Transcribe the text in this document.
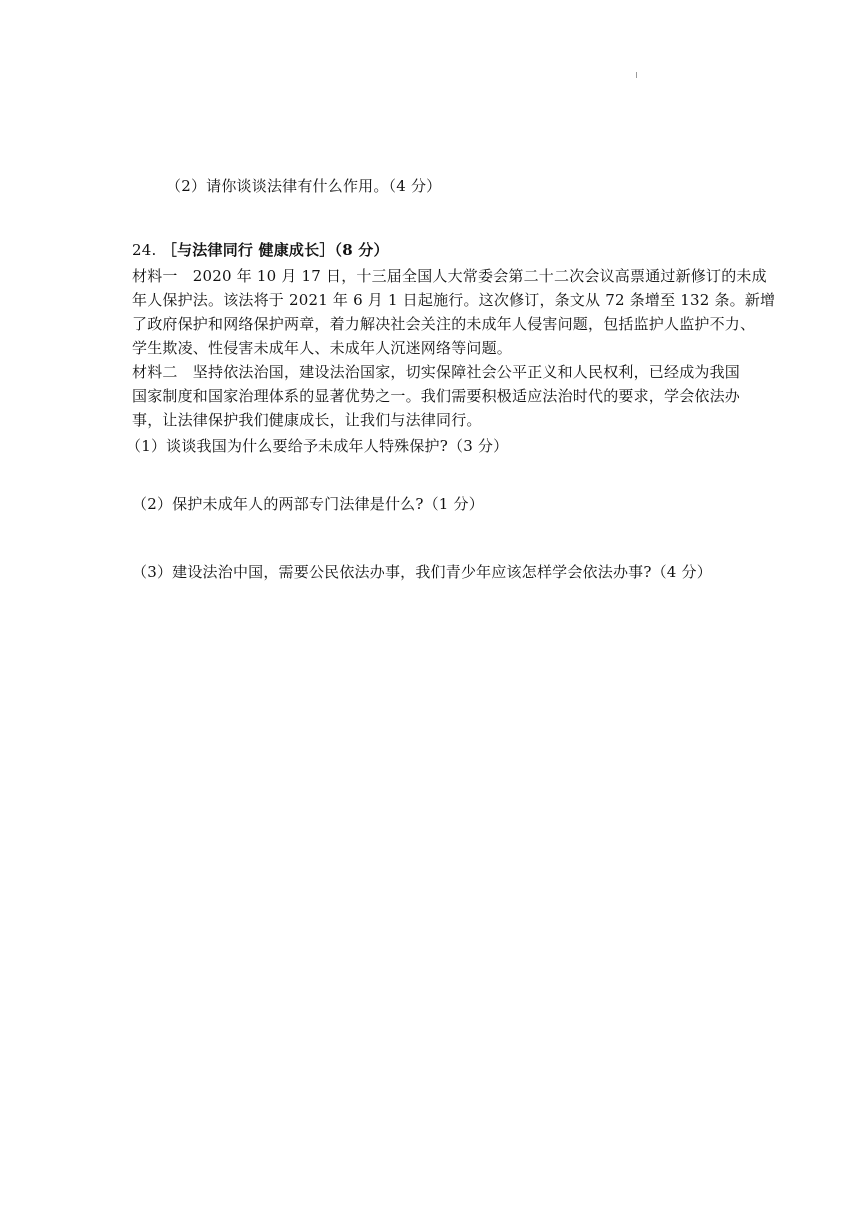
（2）请你谈谈法律有什么作用。（4 分）
24. ［与法律同行 健康成长］（8 分）
材料一　2020 年 10 月 17 日，十三届全国人大常委会第二十二次会议高票通过新修订的未成
年人保护法。该法将于 2021 年 6 月 1 日起施行。这次修订，条文从 72 条增至 132 条。新增
了政府保护和网络保护两章，着力解决社会关注的未成年人侵害问题，包括监护人监护不力、
学生欺凌、性侵害未成年人、未成年人沉迷网络等问题。
材料二　坚持依法治国，建设法治国家，切实保障社会公平正义和人民权利，已经成为我国
国家制度和国家治理体系的显著优势之一。我们需要积极适应法治时代的要求，学会依法办
事，让法律保护我们健康成长，让我们与法律同行。
（1）谈谈我国为什么要给予未成年人特殊保护?（3 分）
（2）保护未成年人的两部专门法律是什么?（1 分）
（3）建设法治中国，需要公民依法办事，我们青少年应该怎样学会依法办事?（4 分）
